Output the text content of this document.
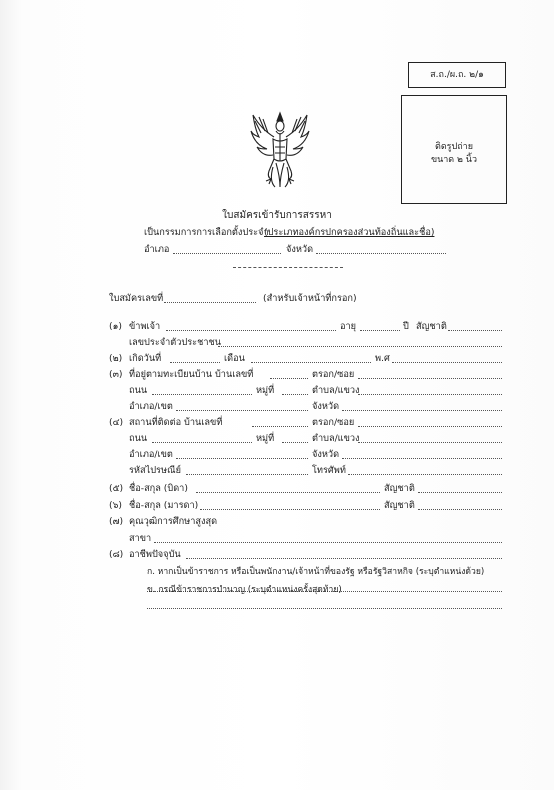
ส.ถ./ผ.ถ. ๒/๑
ติดรูปถ่าย
ขนาด ๒ นิ้ว
ใบสมัครเข้ารับการสรรหา
เป็นกรรมการการเลือกตั้งประจำ
(ประเภทองค์กรปกครองส่วนท้องถิ่นและชื่อ)
อำเภอ	จังหวัด
ใบสมัครเลขที่	(สำหรับเจ้าหน้าที่กรอก)
(๑) ข้าพเจ้า	อายุ	ปี สัญชาติ
เลขประจำตัวประชาชน
(๒) เกิดวันที่	เดือน	พ.ศ
(๓) ที่อยู่ตามทะเบียนบ้าน บ้านเลขที่	ตรอก/ซอย
ถนน	หมู่ที่	ตำบล/แขวง
อำเภอ/เขต	จังหวัด
(๔) สถานที่ติดต่อ บ้านเลขที่	ตรอก/ซอย
ถนน	หมู่ที่	ตำบล/แขวง
อำเภอ/เขต	จังหวัด
รหัสไปรษณีย์	โทรศัพท์
(๕) ชื่อ-สกุล (บิดา)	สัญชาติ
(๖) ชื่อ-สกุล (มารดา)	สัญชาติ
(๗) คุณวุฒิการศึกษาสูงสุด
สาขา
(๘) อาชีพปัจจุบัน
ก. หากเป็นข้าราชการ หรือเป็นพนักงาน/เจ้าหน้าที่ของรัฐ หรือรัฐวิสาหกิจ (ระบุตำแหน่งด้วย)
ข. กรณีข้าราชการบำนาญ (ระบุตำแหน่งครั้งสุดท้าย)
